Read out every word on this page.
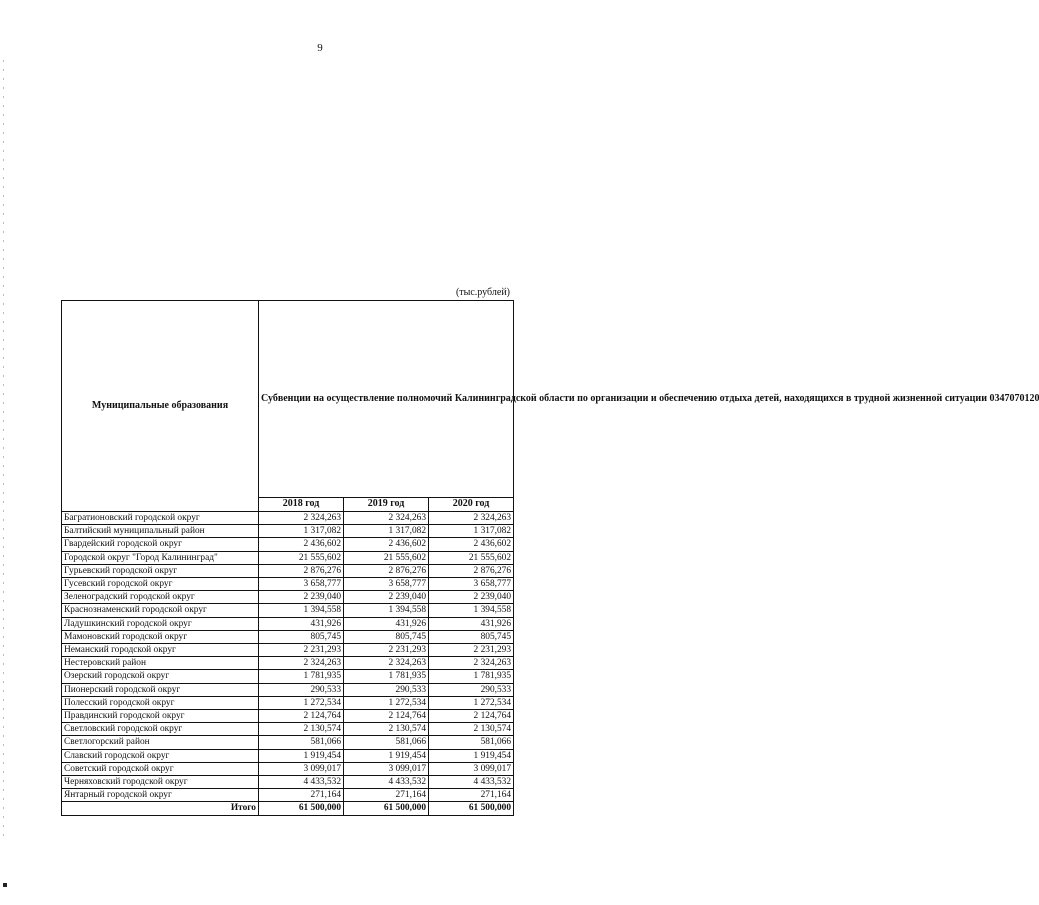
9
(тыс.рублей)
Муниципальные образования	Субвенции на осуществление полномочий Калининградской области по организации и обеспечению отдыха детей, находящихся в трудной жизненной ситуации 0347070120		
	2018 год	2019 год	2020 год
Багратионовский городской округ	2 324,263	2 324,263	2 324,263
Балтийский муниципальный район	1 317,082	1 317,082	1 317,082
Гвардейский городской округ	2 436,602	2 436,602	2 436,602
Городской округ "Город Калининград"	21 555,602	21 555,602	21 555,602
Гурьевский городской округ	2 876,276	2 876,276	2 876,276
Гусевский городской округ	3 658,777	3 658,777	3 658,777
Зеленоградский городской округ	2 239,040	2 239,040	2 239,040
Краснознаменский городской округ	1 394,558	1 394,558	1 394,558
Ладушкинский городской округ	431,926	431,926	431,926
Мамоновский городской округ	805,745	805,745	805,745
Неманский городской округ	2 231,293	2 231,293	2 231,293
Нестеровский район	2 324,263	2 324,263	2 324,263
Озерский городской округ	1 781,935	1 781,935	1 781,935
Пионерский городской округ	290,533	290,533	290,533
Полесский городской округ	1 272,534	1 272,534	1 272,534
Правдинский городской округ	2 124,764	2 124,764	2 124,764
Светловский городской округ	2 130,574	2 130,574	2 130,574
Светлогорский район	581,066	581,066	581,066
Славский городской округ	1 919,454	1 919,454	1 919,454
Советский городской округ	3 099,017	3 099,017	3 099,017
Черняховский городской округ	4 433,532	4 433,532	4 433,532
Янтарный городской округ	271,164	271,164	271,164
Итого	61 500,000	61 500,000	61 500,000
